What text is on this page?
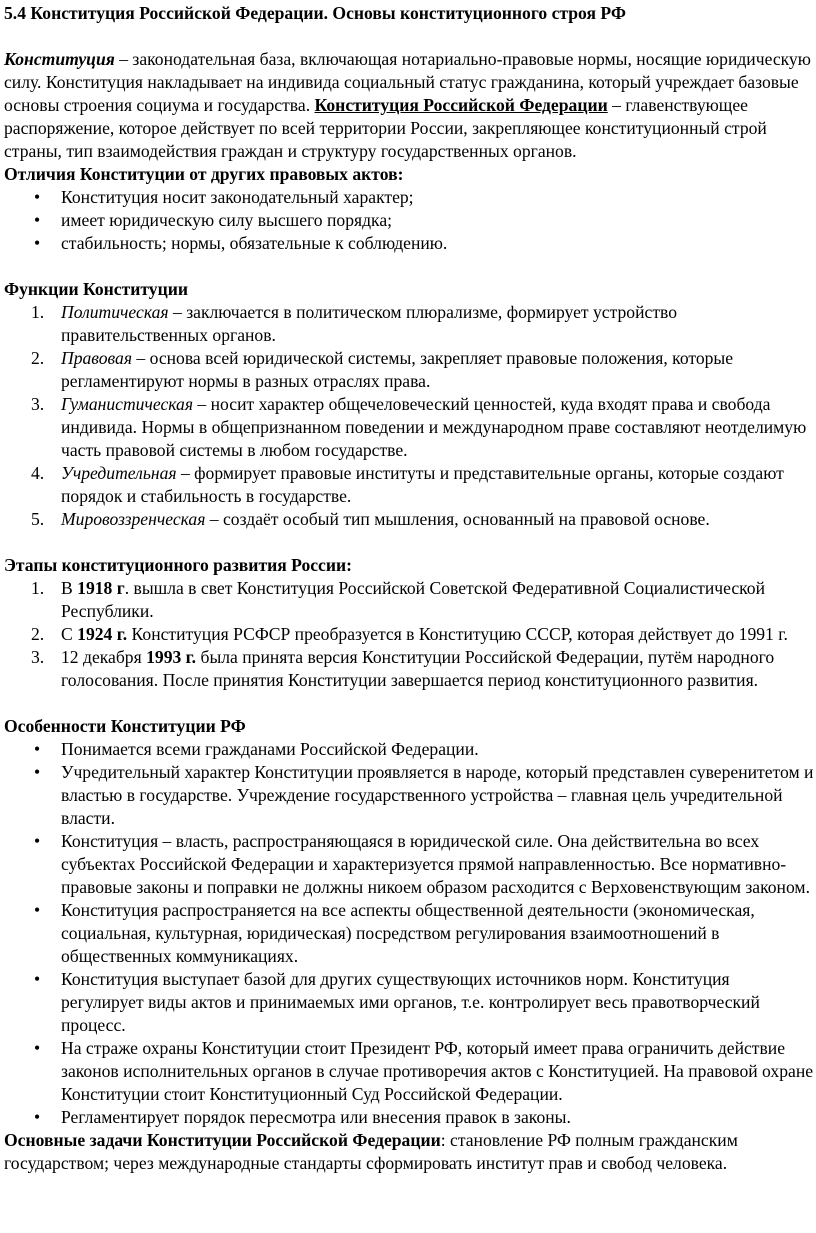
5.4 Конституция Российской Федерации. Основы конституционного строя РФ

Конституция – законодательная база, включающая нотариально-правовые нормы, носящие юридическую силу. Конституция накладывает на индивида социальный статус гражданина, который учреждает базовые основы строения социума и государства. Конституция Российской Федерации – главенствующее распоряжение, которое действует по всей территории России, закрепляющее конституционный строй страны, тип взаимодействия граждан и структуру государственных органов.

Отличия Конституции от других правовых актов:

• Конституция носит законодательный характер;
• имеет юридическую силу высшего порядка;
• стабильность; нормы, обязательные к соблюдению.

Функции Конституции

1. Политическая – заключается в политическом плюрализме, формирует устройство правительственных органов.
2. Правовая – основа всей юридической системы, закрепляет правовые положения, которые регламентируют нормы в разных отраслях права.
3. Гуманистическая – носит характер общечеловеческий ценностей, куда входят права и свобода индивида. Нормы в общепризнанном поведении и международном праве составляют неотделимую часть правовой системы в любом государстве.
4. Учредительная – формирует правовые институты и представительные органы, которые создают порядок и стабильность в государстве.
5. Мировоззренческая – создаёт особый тип мышления, основанный на правовой основе.

Этапы конституционного развития России:

1. В 1918 г. вышла в свет Конституция Российской Советской Федеративной Социалистической Республики.
2. С 1924 г. Конституция РСФСР преобразуется в Конституцию СССР, которая действует до 1991 г.
3. 12 декабря 1993 г. была принята версия Конституции Российской Федерации, путём народного голосования. После принятия Конституции завершается период конституционного развития.

Особенности Конституции РФ

• Понимается всеми гражданами Российской Федерации.
• Учредительный характер Конституции проявляется в народе, который представлен суверенитетом и властью в государстве. Учреждение государственного устройства – главная цель учредительной власти.
• Конституция – власть, распространяющаяся в юридической силе. Она действительна во всех субъектах Российской Федерации и характеризуется прямой направленностью. Все нормативно-правовые законы и поправки не должны никоем образом расходится с Верховенствующим законом.
• Конституция распространяется на все аспекты общественной деятельности (экономическая, социальная, культурная, юридическая) посредством регулирования взаимоотношений в общественных коммуникациях.
• Конституция выступает базой для других существующих источников норм. Конституция регулирует виды актов и принимаемых ими органов, т.е. контролирует весь правотворческий процесс.
• На страже охраны Конституции стоит Президент РФ, который имеет права ограничить действие законов исполнительных органов в случае противоречия актов с Конституцией. На правовой охране Конституции стоит Конституционный Суд Российской Федерации.
• Регламентирует порядок пересмотра или внесения правок в законы.

Основные задачи Конституции Российской Федерации: становление РФ полным гражданским государством; через международные стандарты сформировать институт прав и свобод человека.
